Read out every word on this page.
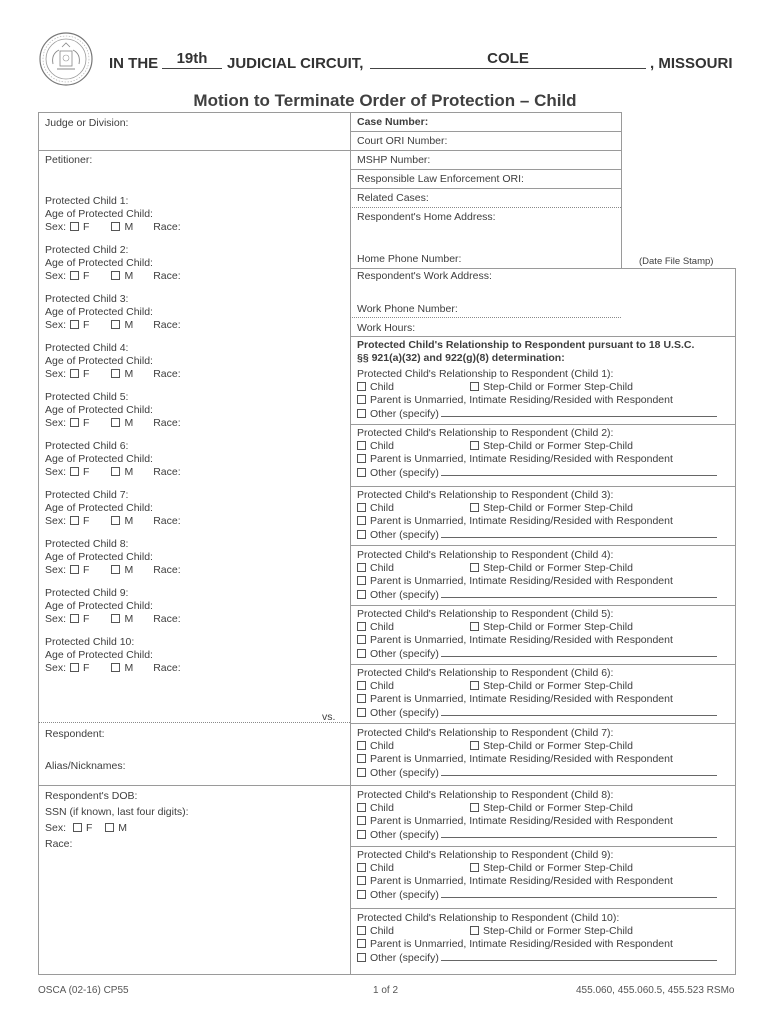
IN THE	19th	JUDICIAL CIRCUIT,	COLE	, MISSOURI
Motion to Terminate Order of Protection – Child
Judge or Division:
Petitioner:
Protected Child 1:
Age of Protected Child:
Sex: F	M Race:
Protected Child 2:
Age of Protected Child:
Sex: F	M Race:
Protected Child 3:
Age of Protected Child:
Sex: F	M Race:
Protected Child 4:
Age of Protected Child:
Sex: F	M Race:
Protected Child 5:
Age of Protected Child:
Sex: F	M Race:
Protected Child 6:
Age of Protected Child:
Sex: F	M Race:
Protected Child 7:
Age of Protected Child:
Sex: F	M Race:
Protected Child 8:
Age of Protected Child:
Sex: F	M Race:
Protected Child 9:
Age of Protected Child:
Sex: F	M Race:
Protected Child 10:
Age of Protected Child:
Sex: F	M Race:
vs.
Respondent:
Alias/Nicknames:
Respondent's DOB:
SSN (if known, last four digits):
Sex: F M
Race:
Case Number:
Court ORI Number:
MSHP Number:
Responsible Law Enforcement ORI:
Related Cases:
Respondent's Home Address:
Home Phone Number:	(Date File Stamp)
Respondent's Work Address:
Work Phone Number:
Work Hours:
Protected Child's Relationship to Respondent pursuant to 18 U.S.C.
§§ 921(a)(32) and 922(g)(8) determination:
Protected Child's Relationship to Respondent (Child 1):
Child	Step-Child or Former Step-Child
Parent is Unmarried, Intimate Residing/Resided with Respondent
Other (specify)
Protected Child's Relationship to Respondent (Child 2):
Child	Step-Child or Former Step-Child
Parent is Unmarried, Intimate Residing/Resided with Respondent
Other (specify)
Protected Child's Relationship to Respondent (Child 3):
Child	Step-Child or Former Step-Child
Parent is Unmarried, Intimate Residing/Resided with Respondent
Other (specify)
Protected Child's Relationship to Respondent (Child 4):
Child	Step-Child or Former Step-Child
Parent is Unmarried, Intimate Residing/Resided with Respondent
Other (specify)
Protected Child's Relationship to Respondent (Child 5):
Child	Step-Child or Former Step-Child
Parent is Unmarried, Intimate Residing/Resided with Respondent
Other (specify)
Protected Child's Relationship to Respondent (Child 6):
Child	Step-Child or Former Step-Child
Parent is Unmarried, Intimate Residing/Resided with Respondent
Other (specify)
Protected Child's Relationship to Respondent (Child 7):
Child	Step-Child or Former Step-Child
Parent is Unmarried, Intimate Residing/Resided with Respondent
Other (specify)
Protected Child's Relationship to Respondent (Child 8):
Child	Step-Child or Former Step-Child
Parent is Unmarried, Intimate Residing/Resided with Respondent
Other (specify)
Protected Child's Relationship to Respondent (Child 9):
Child	Step-Child or Former Step-Child
Parent is Unmarried, Intimate Residing/Resided with Respondent
Other (specify)
Protected Child's Relationship to Respondent (Child 10):
Child	Step-Child or Former Step-Child
Parent is Unmarried, Intimate Residing/Resided with Respondent
Other (specify)
OSCA (02-16) CP55	1 of 2	455.060, 455.060.5, 455.523 RSMo
